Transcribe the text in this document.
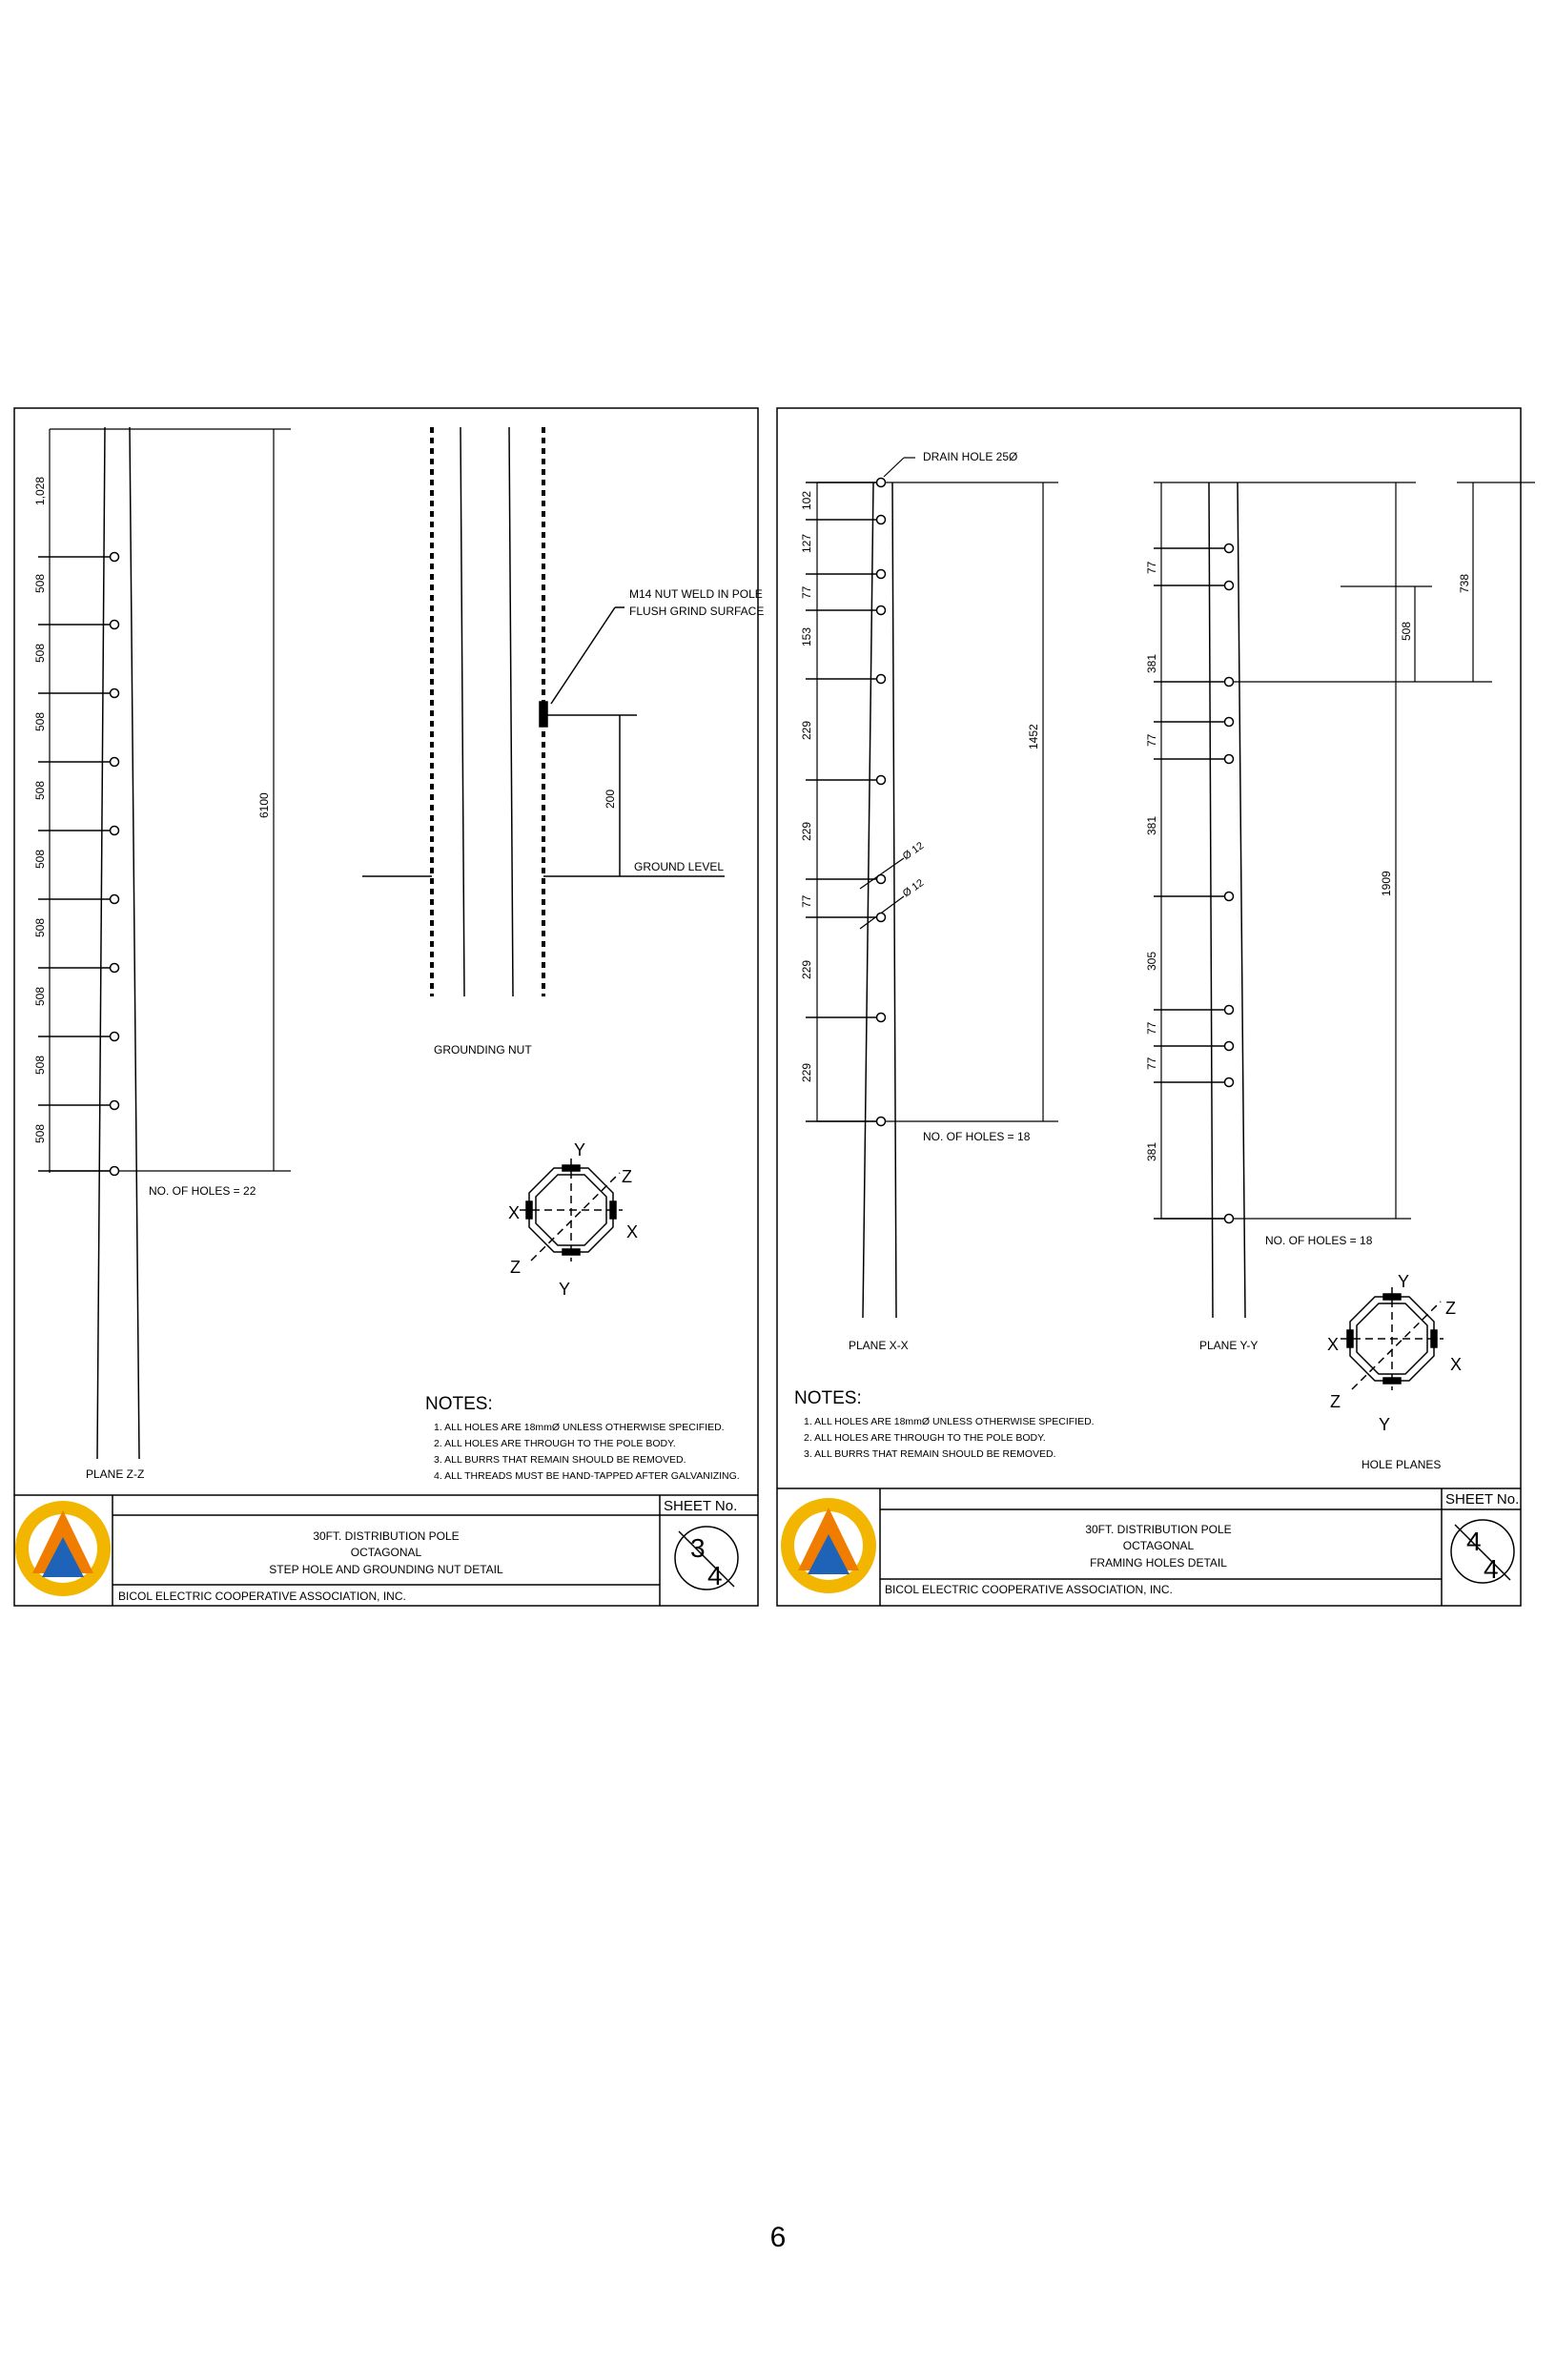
1,028
508
508
508
508
508
508
508
508
508
6100
NO. OF HOLES = 22
M14 NUT WELD IN POLE
FLUSH GRIND SURFACE
200
GROUND LEVEL
GROUNDING NUT
PLANE Z-Z
Y
Z
X
X
Z
Y
NOTES:
1. ALL HOLES ARE 18mmØ UNLESS OTHERWISE SPECIFIED.
2. ALL HOLES ARE THROUGH TO THE POLE BODY.
3. ALL BURRS THAT REMAIN SHOULD BE REMOVED.
4. ALL THREADS MUST BE HAND-TAPPED AFTER GALVANIZING.
SHEET No.
30FT. DISTRIBUTION POLE
OCTAGONAL
STEP HOLE AND GROUNDING NUT DETAIL
BICOL ELECTRIC COOPERATIVE ASSOCIATION, INC.
3
4
DRAIN HOLE 25Ø
102
127
77
153
229
229
77
229
229
1452
Ø 12
Ø 12
NO. OF HOLES = 18
PLANE X-X
77
381
77
381
305
77
77
381
508
738
1909
NO. OF HOLES = 18
PLANE Y-Y
Y
Z
X
X
Z
Y
HOLE PLANES
NOTES:
1. ALL HOLES ARE 18mmØ UNLESS OTHERWISE SPECIFIED.
2. ALL HOLES ARE THROUGH TO THE POLE BODY.
3. ALL BURRS THAT REMAIN SHOULD BE REMOVED.
SHEET No.
30FT. DISTRIBUTION POLE
OCTAGONAL
FRAMING HOLES DETAIL
BICOL ELECTRIC COOPERATIVE ASSOCIATION, INC.
4
4
6
